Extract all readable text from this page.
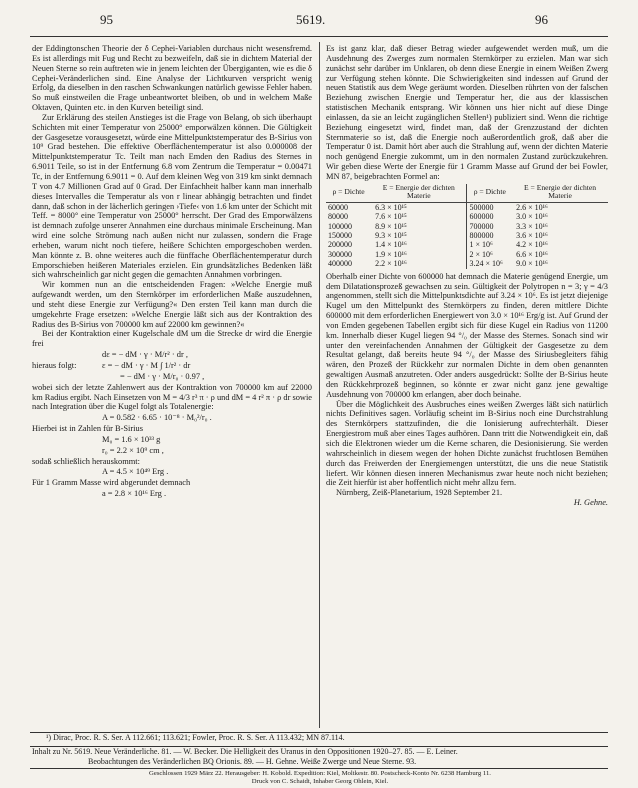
95	5619.	96

der Eddingtonschen Theorie der δ Cephei-Variablen durchaus nicht wesensfremd. Es ist allerdings mit Fug und Recht zu bezweifeln, daß sie in dichtem Material der Neuen Sterne so rein auftreten wie in jenem leichten der Übergiganten, wie es die δ Cephei-Veränderlichen sind. Eine Analyse der Lichtkurven verspricht wenig Erfolg, da dieselben in den raschen Schwankungen natürlich gewisse Fehler haben. So muß einstweilen die Frage unbeantwortet bleiben, ob und in welchem Maße Oktaven, Quinten etc. in den Kurven beteiligt sind.

Zur Erklärung des steilen Anstieges ist die Frage von Belang, ob sich überhaupt Schichten mit einer Temperatur von 25000° emporwälzen können. Die Gültigkeit der Gasgesetze vorausgesetzt, würde eine Mittelpunktstemperatur des B-Sirius von 10⁹ Grad bestehen. Die effektive Oberflächentemperatur ist also 0.000008 der Mittelpunktstemperatur Tc. Teilt man nach Emden den Radius des Sternes in 6.9011 Teile, so ist in der Entfernung 6.8 vom Zentrum die Temperatur = 0.00471 Tc, in der Entfernung 6.9011 = 0. Auf dem kleinen Weg von 319 km sinkt demnach T von 4.7 Millionen Grad auf 0 Grad. Der Einfachheit halber kann man innerhalb dieses Intervalles die Temperatur als von r linear abhängig betrachten und findet dann, daß schon in der lächerlich geringen ›Tiefe‹ von 1.6 km unter der Schicht mit Teff. = 8000° eine Temperatur von 25000° herrscht. Der Grad des Emporwälzens ist demnach zufolge unserer Annahmen eine durchaus minimale Erscheinung. Man wird eine solche Strömung nach außen nicht nur zulassen, sondern die Frage erheben, warum nicht noch tiefere, heißere Schichten emporgeschoben werden. Man könnte z. B. ohne weiteres auch die fünffache Oberflächentemperatur durch Emporschieben heißeren Materiales erzielen. Ein grundsätzliches Bedenken läßt sich wahrscheinlich gar nicht gegen die gemachten Annahmen vorbringen.

Wir kommen nun an die entscheidenden Fragen: »Welche Energie muß aufgewandt werden, um den Sternkörper im erforderlichen Maße auszudehnen, und steht diese Energie zur Verfügung?« Den ersten Teil kann man durch die umgekehrte Frage ersetzen: »Welche Energie läßt sich aus der Kontraktion des Radius des B-Sirius von 700000 km auf 22000 km gewinnen?«

Bei der Kontraktion einer Kugelschale dM um die Strecke dr wird die Energie frei

dε = − dM · γ · M/r² · dr ,
hieraus folgt:	ε = − dM · γ · M ∫ 1/r² · dr
= − dM · γ · M/r₀ · 0.97 ,

wobei sich der letzte Zahlenwert aus der Kontraktion von 700000 km auf 22000 km Radius ergibt. Nach Einsetzen von M = 4/3 r³ π · ρ und dM = 4 r² π · ρ dr sowie nach Integration über die Kugel folgt als Totalenergie:

A = 0.582 · 6.65 · 10⁻⁸ · M₀²/r₀ .

Hierbei ist in Zahlen für B-Sirius

M₀ = 1.6 × 10³³ g
r₀ = 2.2 × 10⁹ cm ,

sodaß schließlich herauskommt:

A = 4.5 × 10⁴⁹ Erg .

Für 1 Gramm Masse wird abgerundet demnach

a = 2.8 × 10¹⁶ Erg .

Es ist ganz klar, daß dieser Betrag wieder aufgewendet werden muß, um die Ausdehnung des Zwerges zum normalen Sternkörper zu erzielen. Man war sich zunächst sehr darüber im Unklaren, ob denn diese Energie in einem Weißen Zwerg zur Verfügung stehen könnte. Die Schwierigkeiten sind indessen auf Grund der neuen Statistik aus dem Wege geräumt worden. Dieselben rührten von der falschen Beziehung zwischen Energie und Temperatur her, die aus der klassischen statistischen Mechanik entsprang. Wir können uns hier nicht auf diese Dinge einlassen, da sie an leicht zugänglichen Stellen¹) publiziert sind. Wenn die richtige Beziehung eingesetzt wird, findet man, daß der Grenzzustand der dichten Sternmaterie so ist, daß die Energie noch außerordentlich groß, daß aber die Temperatur 0 ist. Damit hört aber auch die Strahlung auf, wenn der dichten Materie noch genügend Energie zukommt, um in den normalen Zustand zurückzukehren. Wir geben diese Werte der Energie für 1 Gramm Masse auf Grund der bei Fowler, MN 87, beigebrachten Formel an:

ρ = Dichte	E = Energie der dichten Materie	ρ = Dichte	E = Energie der dichten Materie
60000	6.3 × 10¹⁵	500000	2.6 × 10¹⁶
80000	7.6 × 10¹⁵	600000	3.0 × 10¹⁶
100000	8.9 × 10¹⁵	700000	3.3 × 10¹⁶
150000	9.3 × 10¹⁵	800000	3.6 × 10¹⁶
200000	1.4 × 10¹⁶	1 × 10⁶	4.2 × 10¹⁶
300000	1.9 × 10¹⁶	2 × 10⁶	6.6 × 10¹⁶
400000	2.2 × 10¹⁶	3.24 × 10⁶	9.0 × 10¹⁶

Oberhalb einer Dichte von 600000 hat demnach die Materie genügend Energie, um dem Dilatationsprozeß gewachsen zu sein. Gültigkeit der Polytropen n = 3; γ = 4/3 angenommen, stellt sich die Mittelpunktsdichte auf 3.24 × 10⁶. Es ist jetzt diejenige Kugel um den Mittelpunkt des Sternkörpers zu finden, deren mittlere Dichte 600000 mit dem erforderlichen Energiewert von 3.0 × 10¹⁶ Erg/g ist. Auf Grund der von Emden gegebenen Tabellen ergibt sich für diese Kugel ein Radius von 11200 km. Innerhalb dieser Kugel liegen 94 °/₀ der Masse des Sternes. Sonach sind wir unter den vereinfachenden Annahmen der Gültigkeit der Gasgesetze zu dem Resultat gelangt, daß bereits heute 94 °/₀ der Masse des Siriusbegleiters fähig wären, den Prozeß der Rückkehr zur normalen Dichte in dem oben genannten gewaltigen Ausmaß anzutreten. Oder anders ausgedrückt: Sollte der B-Sirius heute den Rückkehrprozeß beginnen, so könnte er zwar nicht ganz jene gewaltige Ausdehnung von 700000 km erlangen, aber doch beinahe.

Über die Möglichkeit des Ausbruches eines weißen Zwerges läßt sich natürlich nichts Definitives sagen. Vorläufig scheint im B-Sirius noch eine Durchstrahlung des Sternkörpers stattzufinden, die die Ionisierung aufrechterhält. Dieser Energiestrom muß aber eines Tages aufhören. Dann tritt die Notwendigkeit ein, daß sich die Elektronen wieder um die Kerne scharen, die Desionisierung. Sie werden wahrscheinlich in diesem wegen der hohen Dichte zunächst fruchtlosen Bemühen durch das Freiwerden der Energiemengen unterstützt, die uns die neue Statistik liefert. Wir können diesen inneren Mechanismus zwar heute noch nicht beziehen; die Zeit hierfür ist aber hoffentlich nicht mehr allzu fern.

Nürnberg, Zeiß-Planetarium, 1928 September 21.

H. Gehne.
¹) Dirac, Proc. R. S. Ser. A 112.661; 113.621; Fowler, Proc. R. S. Ser. A 113.432; MN 87.114.
Inhalt zu Nr. 5619. Neue Veränderliche. 81. — W. Becker. Die Helligkeit des Uranus in den Oppositionen 1920–27. 85. — E. Leiner.
Beobachtungen des Veränderlichen BQ Orionis. 89. — H. Gehne. Weiße Zwerge und Neue Sterne. 93.
Geschlossen 1929 März 22. Herausgeber: H. Kobold. Expedition: Kiel, Moltkestr. 80. Postscheck-Konto Nr. 6238 Hamburg 11.
Druck von C. Schaidt, Inhaber Georg Ohlein, Kiel.
